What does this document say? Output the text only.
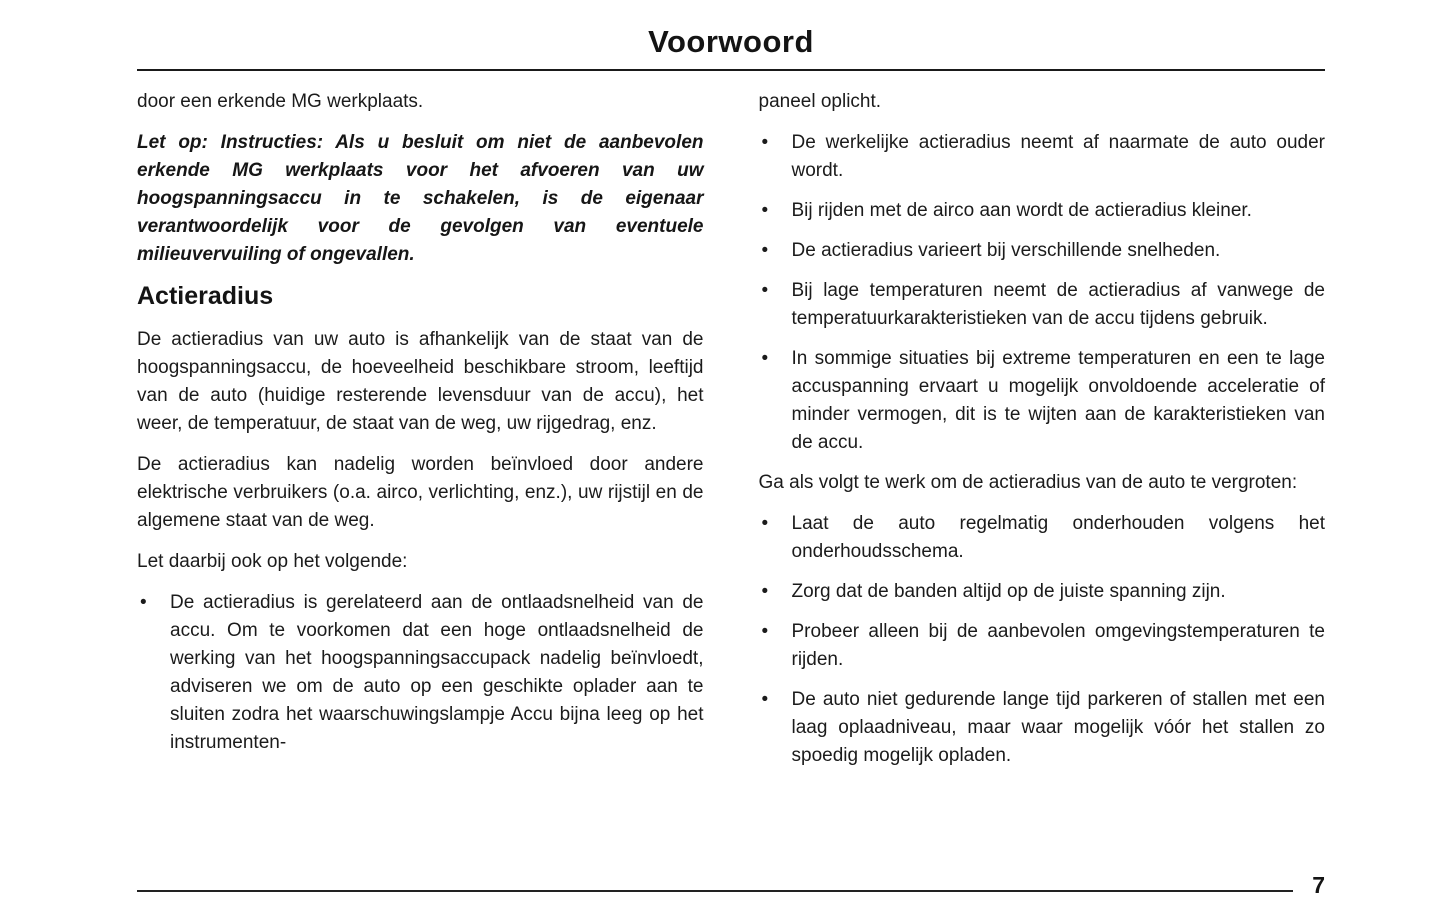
Voorwoord

door een erkende MG werkplaats.

Let op: Instructies: Als u besluit om niet de aanbevolen erkende MG werkplaats voor het afvoeren van uw hoogspanningsaccu in te schakelen, is de eigenaar verantwoordelijk voor de gevolgen van eventuele milieuvervuiling of ongevallen.

Actieradius

De actieradius van uw auto is afhankelijk van de staat van de hoogspanningsaccu, de hoeveelheid beschikbare stroom, leeftijd van de auto (huidige resterende levensduur van de accu), het weer, de temperatuur, de staat van de weg, uw rijgedrag, enz.

De actieradius kan nadelig worden beïnvloed door andere elektrische verbruikers (o.a. airco, verlichting, enz.), uw rijstijl en de algemene staat van de weg.

Let daarbij ook op het volgende:

• De actieradius is gerelateerd aan de ontlaadsnelheid van de accu. Om te voorkomen dat een hoge ontlaadsnelheid de werking van het hoogspanningsaccupack nadelig beïnvloedt, adviseren we om de auto op een geschikte oplader aan te sluiten zodra het waarschuwingslampje Accu bijna leeg op het instrumenten-

paneel oplicht.

• De werkelijke actieradius neemt af naarmate de auto ouder wordt.
• Bij rijden met de airco aan wordt de actieradius kleiner.
• De actieradius varieert bij verschillende snelheden.
• Bij lage temperaturen neemt de actieradius af vanwege de temperatuurkarakteristieken van de accu tijdens gebruik.
• In sommige situaties bij extreme temperaturen en een te lage accuspanning ervaart u mogelijk onvoldoende acceleratie of minder vermogen, dit is te wijten aan de karakteristieken van de accu.

Ga als volgt te werk om de actieradius van de auto te vergroten:

• Laat de auto regelmatig onderhouden volgens het onderhoudsschema.
• Zorg dat de banden altijd op de juiste spanning zijn.
• Probeer alleen bij de aanbevolen omgevingstemperaturen te rijden.
• De auto niet gedurende lange tijd parkeren of stallen met een laag oplaadniveau, maar waar mogelijk vóór het stallen zo spoedig mogelijk opladen.
7
